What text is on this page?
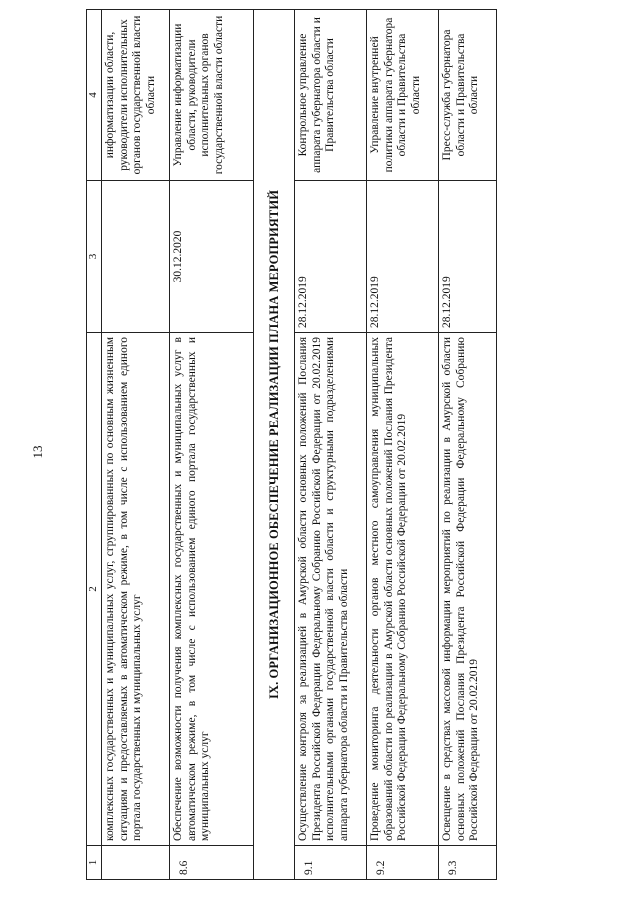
13
1	2	3	4
	комплексных государственных и муниципальных услуг, сгруппированных по основным жизненным ситуациям и предоставляемых в автоматическом режиме, в том числе с использованием единого портала государственных и муниципальных услуг		информатизации области, руководители исполнительных органов государственной власти области
8.6	Обеспечение возможности получения комплексных государственных и муниципальных услуг в автоматическом режиме, в том числе с использованием единого портала государственных и муниципальных услуг	30.12.2020	Управление информатизации области, руководители исполнительных органов государственной власти области
IX. ОРГАНИЗАЦИОННОЕ ОБЕСПЕЧЕНИЕ РЕАЛИЗАЦИИ ПЛАНА МЕРОПРИЯТИЙ			
9.1	Осуществление контроля за реализацией в Амурской области основных положений Послания Президента Российской Федерации Федеральному Собранию Российской Федерации от 20.02.2019 исполнительными органами государственной власти области и структурными подразделениями аппарата губернатора области и Правительства области	28.12.2019	Контрольное управление аппарата губернатора области и Правительства области
9.2	Проведение мониторинга деятельности органов местного самоуправления муниципальных образований области по реализации в Амурской области основных положений Послания Президента Российской Федерации Федеральному Собранию Российской Федерации от 20.02.2019	28.12.2019	Управление внутренней политики аппарата губернатора области и Правительства области
9.3	Освещение в средствах массовой информации мероприятий по реализации в Амурской области основных положений Послания Президента Российской Федерации Федеральному Собранию Российской Федерации от 20.02.2019	28.12.2019	Пресс-служба губернатора области и Правительства области
